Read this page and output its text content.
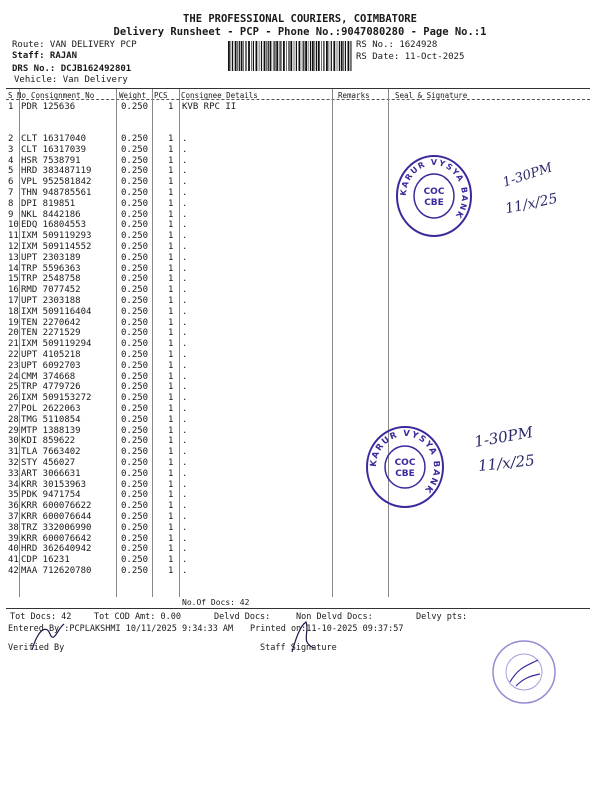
THE PROFESSIONAL COURIERS, COIMBATORE
Delivery Runsheet - PCP - Phone No.:9047080280 - Page No.:1
Route: VAN DELIVERY PCP
Staff: RAJAN
DRS No.: DCJB162492801
Vehicle: Van Delivery
RS No.: 1624928
RS Date: 11-Oct-2025
S No Consignment No	Weight PCS Consignee Details	Remarks	Seal & Signature
1 PDR 125636	0.250 1 KVB RPC II
2 CLT 16317040	0.250 1 .
3 CLT 16317039	0.250 1 .
4 HSR 7538791	0.250 1 .
5 HRD 383487119	0.250 1 .
6 VPL 952581842	0.250 1 .
7 THN 948785561	0.250 1 .
8 DPI 819851	0.250 1 .
9 NKL 8442186	0.250 1 .
10 EDQ 16804553	0.250 1 .
11 IXM 509119293	0.250 1 .
12 IXM 509114552	0.250 1 .
13 UPT 2303189	0.250 1 .
14 TRP 5596363	0.250 1 .
15 TRP 2548758	0.250 1 .
16 RMD 7077452	0.250 1 .
17 UPT 2303188	0.250 1 .
18 IXM 509116404	0.250 1 .
19 TEN 2270642	0.250 1 .
20 TEN 2271529	0.250 1 .
21 IXM 509119294	0.250 1 .
22 UPT 4105218	0.250 1 .
23 UPT 6092703	0.250 1 .
24 CMM 374668	0.250 1 .
25 TRP 4779726	0.250 1 .
26 IXM 509153272	0.250 1 .
27 POL 2622063	0.250 1 .
28 TMG 5110854	0.250 1 .
29 MTP 1388139	0.250 1 .
30 KDI 859622	0.250 1 .
31 TLA 7663402	0.250 1 .
32 STY 456027	0.250 1 .
33 ART 3066631	0.250 1 .
34 KRR 30153963	0.250 1 .
35 PDK 9471754	0.250 1 .
36 KRR 600076622	0.250 1 .
37 KRR 600076644	0.250 1 .
38 TRZ 332006990	0.250 1 .
39 KRR 600076642	0.250 1 .
40 HRD 362640942	0.250 1 .
41 CDP 16231	0.250 1 .
42 MAA 712620780	0.250 1 .
No.Of Docs: 42
Tot Docs: 42	Tot COD Amt: 0.00	Delvd Docs:	Non Delvd Docs:	Delvy pts:
Entered By :PCPLAKSHMI 10/11/2025 9:34:33 AM Printed on:11-10-2025 09:37:57
Verified By	Staff Signature
KARUR VYSYA BANK
COC
CBE
1-30PM
11/x/25
KARUR VYSYA BANK
COC
CBE
1-30PM
11/x/25
